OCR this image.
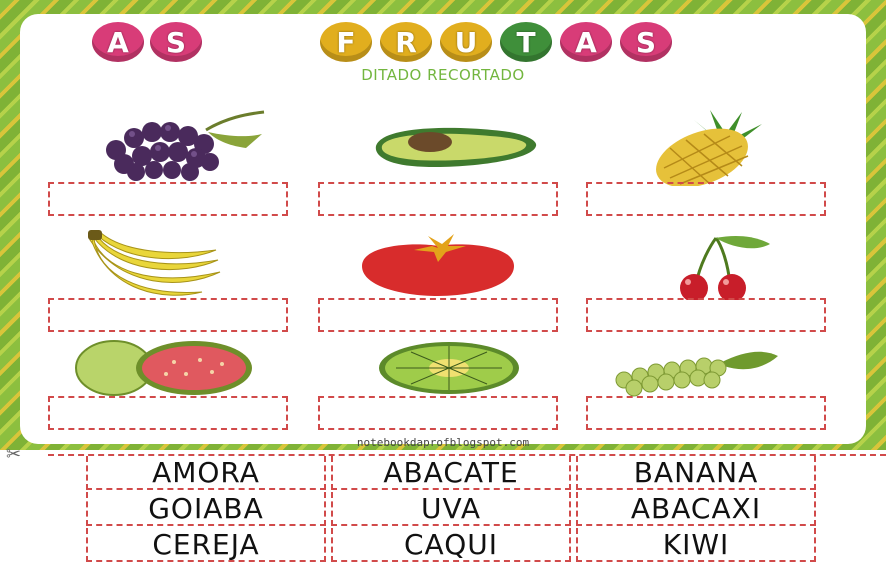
A	S	F	R	U	T	A	S
DITADO RECORTADO
notebookdaprofblogspot.com
✂
AMORA	ABACATE	BANANA
GOIABA	UVA	ABACAXI
CEREJA	CAQUI	KIWI
